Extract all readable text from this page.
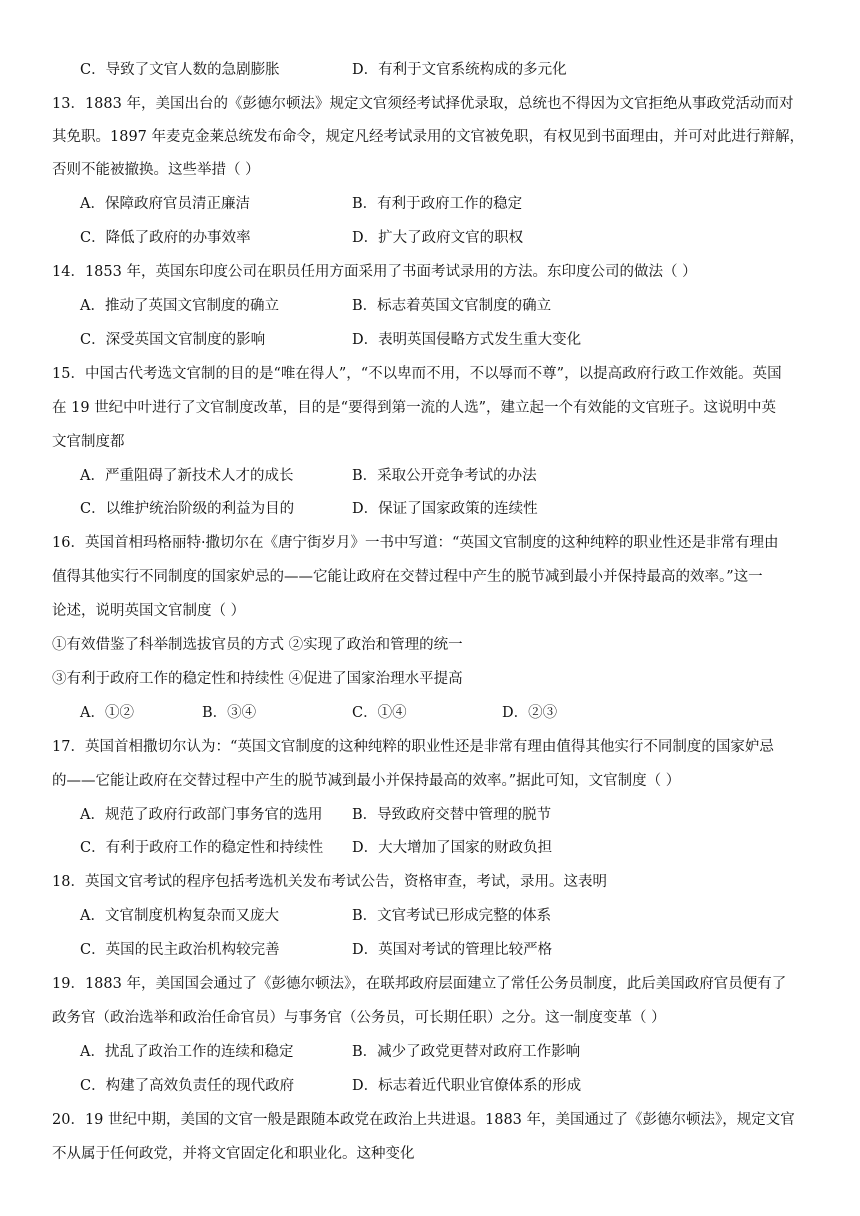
C．导致了文官人数的急剧膨胀	D．有利于文官系统构成的多元化
13．1883 年，美国出台的《彭德尔顿法》规定文官须经考试择优录取，总统也不得因为文官拒绝从事政党活动而对
其免职。1897 年麦克金莱总统发布命令，规定凡经考试录用的文官被免职，有权见到书面理由，并可对此进行辩解，
否则不能被撤换。这些举措（ ）
A．保障政府官员清正廉洁	B．有利于政府工作的稳定
C．降低了政府的办事效率	D．扩大了政府文官的职权
14．1853 年，英国东印度公司在职员任用方面采用了书面考试录用的方法。东印度公司的做法（ ）
A．推动了英国文官制度的确立	B．标志着英国文官制度的确立
C．深受英国文官制度的影响	D．表明英国侵略方式发生重大变化
15．中国古代考选文官制的目的是“唯在得人”，“不以卑而不用，不以辱而不尊”，以提高政府行政工作效能。英国
在 19 世纪中叶进行了文官制度改革，目的是“要得到第一流的人选”，建立起一个有效能的文官班子。这说明中英
文官制度都
A．严重阻碍了新技术人才的成长	B．采取公开竞争考试的办法
C．以维护统治阶级的利益为目的	D．保证了国家政策的连续性
16．英国首相玛格丽特·撒切尔在《唐宁街岁月》一书中写道：“英国文官制度的这种纯粹的职业性还是非常有理由
值得其他实行不同制度的国家妒忌的——它能让政府在交替过程中产生的脱节减到最小并保持最高的效率。”这一
论述，说明英国文官制度（ ）
①有效借鉴了科举制选拔官员的方式 ②实现了政治和管理的统一
③有利于政府工作的稳定性和持续性 ④促进了国家治理水平提高
A．①②	B．③④	C．①④	D．②③
17．英国首相撒切尔认为：“英国文官制度的这种纯粹的职业性还是非常有理由值得其他实行不同制度的国家妒忌
的——它能让政府在交替过程中产生的脱节减到最小并保持最高的效率。”据此可知，文官制度（ ）
A．规范了政府行政部门事务官的选用 B．导致政府交替中管理的脱节
C．有利于政府工作的稳定性和持续性 D．大大增加了国家的财政负担
18．英国文官考试的程序包括考选机关发布考试公告，资格审查，考试，录用。这表明
A．文官制度机构复杂而又庞大	B．文官考试已形成完整的体系
C．英国的民主政治机构较完善	D．英国对考试的管理比较严格
19．1883 年，美国国会通过了《彭德尔顿法》，在联邦政府层面建立了常任公务员制度，此后美国政府官员便有了
政务官（政治选举和政治任命官员）与事务官（公务员，可长期任职）之分。这一制度变革（ ）
A．扰乱了政治工作的连续和稳定	B．减少了政党更替对政府工作影响
C．构建了高效负责任的现代政府	D．标志着近代职业官僚体系的形成
20．19 世纪中期，美国的文官一般是跟随本政党在政治上共进退。1883 年，美国通过了《彭德尔顿法》，规定文官
不从属于任何政党，并将文官固定化和职业化。这种变化
